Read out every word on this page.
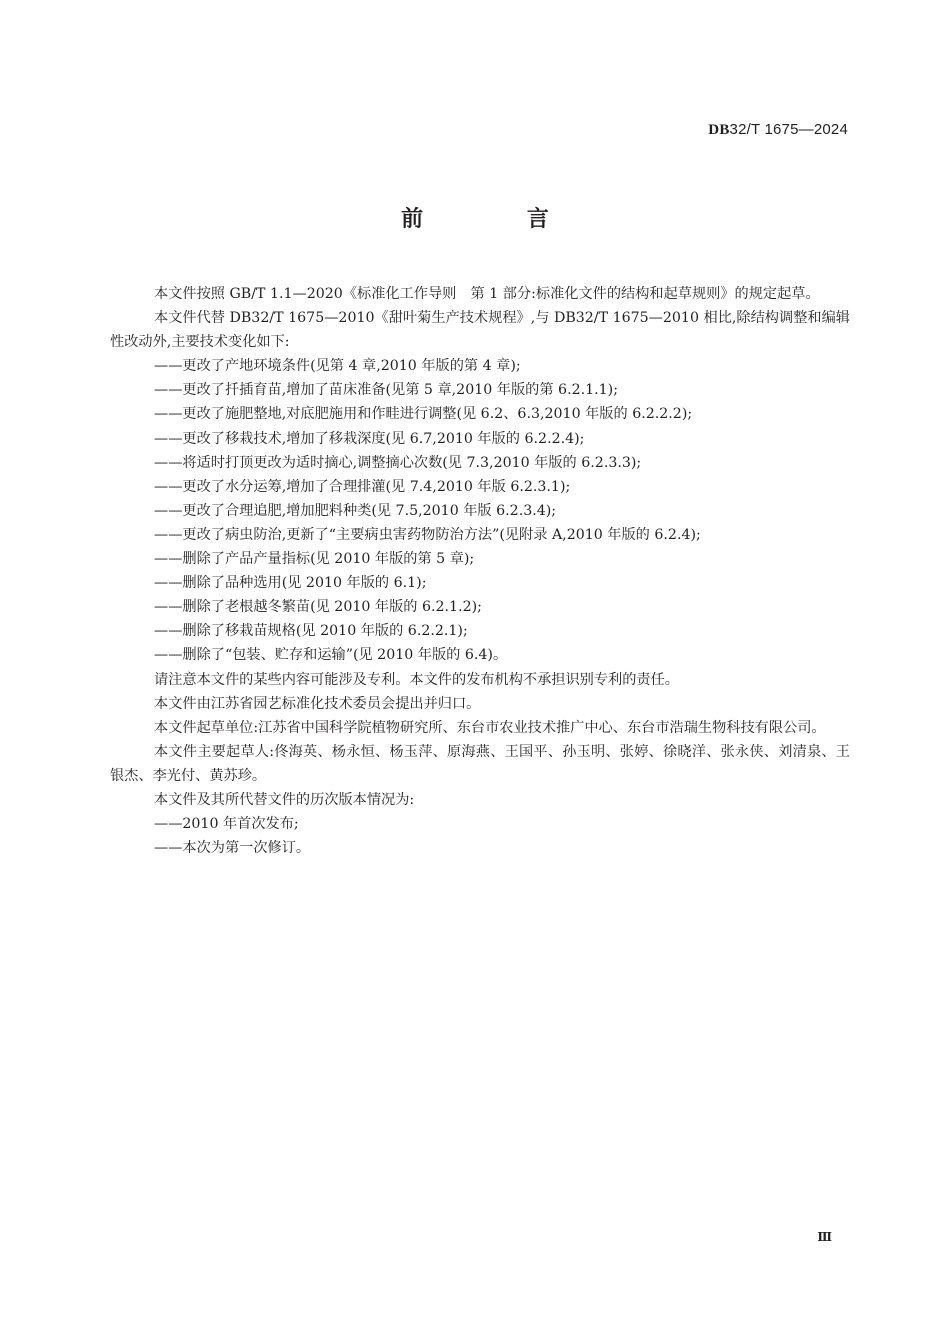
DB32/T 1675—2024
前 言

本文件按照 GB/T 1.1—2020《标准化工作导则　第 1 部分:标准化文件的结构和起草规则》的规定起草。

本文件代替 DB32/T 1675—2010《甜叶菊生产技术规程》,与 DB32/T 1675—2010 相比,除结构调整和编辑性改动外,主要技术变化如下:

——更改了产地环境条件(见第 4 章,2010 年版的第 4 章);

——更改了扦插育苗,增加了苗床准备(见第 5 章,2010 年版的第 6.2.1.1);

——更改了施肥整地,对底肥施用和作畦进行调整(见 6.2、6.3,2010 年版的 6.2.2.2);

——更改了移栽技术,增加了移栽深度(见 6.7,2010 年版的 6.2.2.4);

——将适时打顶更改为适时摘心,调整摘心次数(见 7.3,2010 年版的 6.2.3.3);

——更改了水分运筹,增加了合理排灌(见 7.4,2010 年版 6.2.3.1);

——更改了合理追肥,增加肥料种类(见 7.5,2010 年版 6.2.3.4);

——更改了病虫防治,更新了“主要病虫害药物防治方法”(见附录 A,2010 年版的 6.2.4);

——删除了产品产量指标(见 2010 年版的第 5 章);

——删除了品种选用(见 2010 年版的 6.1);

——删除了老根越冬繁苗(见 2010 年版的 6.2.1.2);

——删除了移栽苗规格(见 2010 年版的 6.2.2.1);

——删除了“包装、贮存和运输”(见 2010 年版的 6.4)。

请注意本文件的某些内容可能涉及专利。本文件的发布机构不承担识别专利的责任。

本文件由江苏省园艺标准化技术委员会提出并归口。

本文件起草单位:江苏省中国科学院植物研究所、东台市农业技术推广中心、东台市浩瑞生物科技有限公司。

本文件主要起草人:佟海英、杨永恒、杨玉萍、原海燕、王国平、孙玉明、张婷、徐晓洋、张永侠、刘清泉、王银杰、李光付、黄苏珍。

本文件及其所代替文件的历次版本情况为:

——2010 年首次发布;

——本次为第一次修订。

Ⅲ
